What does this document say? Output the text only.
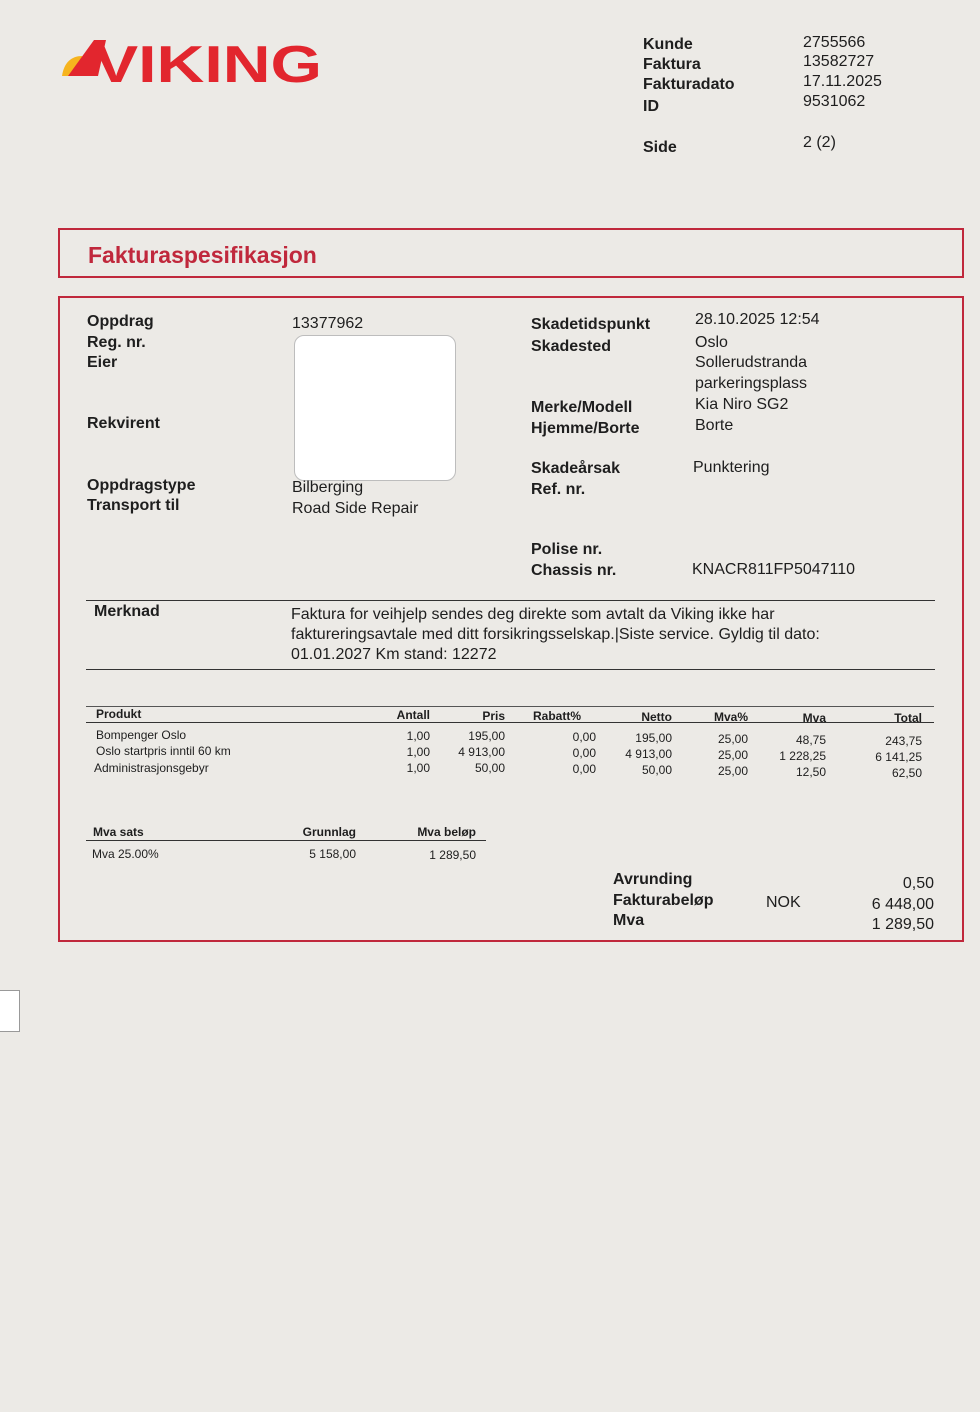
VIKING	Kunde	2755566
Faktura	13582727
Fakturadato	17.11.2025
ID	9531062
Side	2 (2)
Fakturaspesifikasjon
Oppdrag	13377962
Reg. nr.
Eier
Rekvirent
Oppdragstype	Bilberging
Transport til	Road Side Repair
Skadetidspunkt	28.10.2025 12:54
Skadested	Oslo
Sollerudstranda
parkeringsplass
Merke/Modell	Kia Niro SG2
Hjemme/Borte	Borte
Skadeårsak	Punktering
Ref. nr.
Polise nr.
Chassis nr.	KNACR811FP5047110
Merknad	Faktura for veihjelp sendes deg direkte som avtalt da Viking ikke har
faktureringsavtale med ditt forsikringsselskap.|Siste service. Gyldig til dato:
01.01.2027 Km stand: 12272
Produkt	Antall	Pris Rabatt%	Netto	Mva%	Mva	Total
Bompenger Oslo	1,00	195,00	0,00	195,00	25,00	48,75	243,75
Oslo startpris inntil 60 km	1,00	4 913,00	0,00	4 913,00	25,00	1 228,25	6 141,25
Administrasjonsgebyr	1,00	50,00	0,00	50,00	25,00	12,50	62,50
Mva sats	Grunnlag	Mva beløp
Mva 25.00%	5 158,00	1 289,50
Avrunding	0,50
Fakturabeløp	NOK	6 448,00
Mva	1 289,50
